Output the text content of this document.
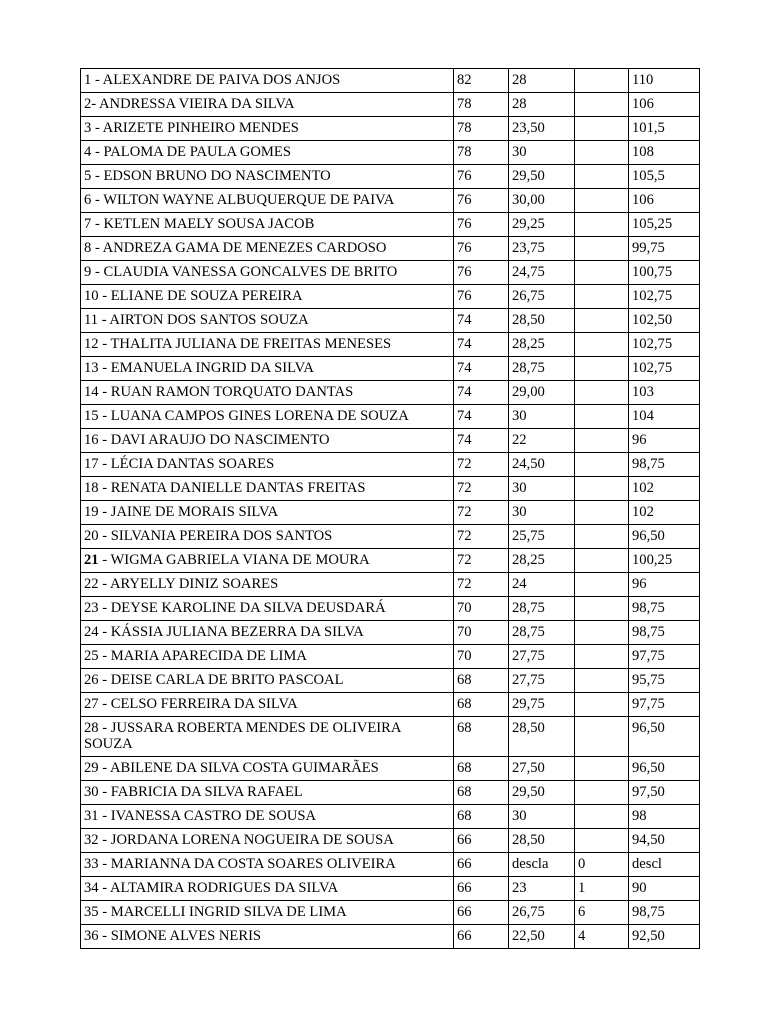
1 - ALEXANDRE DE PAIVA DOS ANJOS	82	28		110
2- ANDRESSA VIEIRA DA SILVA	78	28		106
3 - ARIZETE PINHEIRO MENDES	78	23,50		101,5
4 - PALOMA DE PAULA GOMES	78	30		108
5 - EDSON BRUNO DO NASCIMENTO	76	29,50		105,5
6 - WILTON WAYNE ALBUQUERQUE DE PAIVA	76	30,00		106
7 - KETLEN MAELY SOUSA JACOB	76	29,25		105,25
8 - ANDREZA GAMA DE MENEZES CARDOSO	76	23,75		99,75
9 - CLAUDIA VANESSA GONCALVES DE BRITO	76	24,75		100,75
10 - ELIANE DE SOUZA PEREIRA	76	26,75		102,75
11 - AIRTON DOS SANTOS SOUZA	74	28,50		102,50
12 - THALITA JULIANA DE FREITAS MENESES	74	28,25		102,75
13 - EMANUELA INGRID DA SILVA	74	28,75		102,75
14 - RUAN RAMON TORQUATO DANTAS	74	29,00		103
15 - LUANA CAMPOS GINES LORENA DE SOUZA	74	30		104
16 - DAVI ARAUJO DO NASCIMENTO	74	22		96
17 - LÉCIA DANTAS SOARES	72	24,50		98,75
18 - RENATA DANIELLE DANTAS FREITAS	72	30		102
19 - JAINE DE MORAIS SILVA	72	30		102
20 - SILVANIA PEREIRA DOS SANTOS	72	25,75		96,50
21 - WIGMA GABRIELA VIANA DE MOURA	72	28,25		100,25
22 - ARYELLY DINIZ SOARES	72	24		96
23 - DEYSE KAROLINE DA SILVA DEUSDARÁ	70	28,75		98,75
24 - KÁSSIA JULIANA BEZERRA DA SILVA	70	28,75		98,75
25 - MARIA APARECIDA DE LIMA	70	27,75		97,75
26 - DEISE CARLA DE BRITO PASCOAL	68	27,75		95,75
27 - CELSO FERREIRA DA SILVA	68	29,75		97,75
28 - JUSSARA ROBERTA MENDES DE OLIVEIRA SOUZA	68	28,50		96,50
29 - ABILENE DA SILVA COSTA GUIMARÃES	68	27,50		96,50
30 - FABRICIA DA SILVA RAFAEL	68	29,50		97,50
31 - IVANESSA CASTRO DE SOUSA	68	30		98
32 - JORDANA LORENA NOGUEIRA DE SOUSA	66	28,50		94,50
33 - MARIANNA DA COSTA SOARES OLIVEIRA	66	descla	0	descl
34 - ALTAMIRA RODRIGUES DA SILVA	66	23	1	90
35 - MARCELLI INGRID SILVA DE LIMA	66	26,75	6	98,75
36 - SIMONE ALVES NERIS	66	22,50	4	92,50
